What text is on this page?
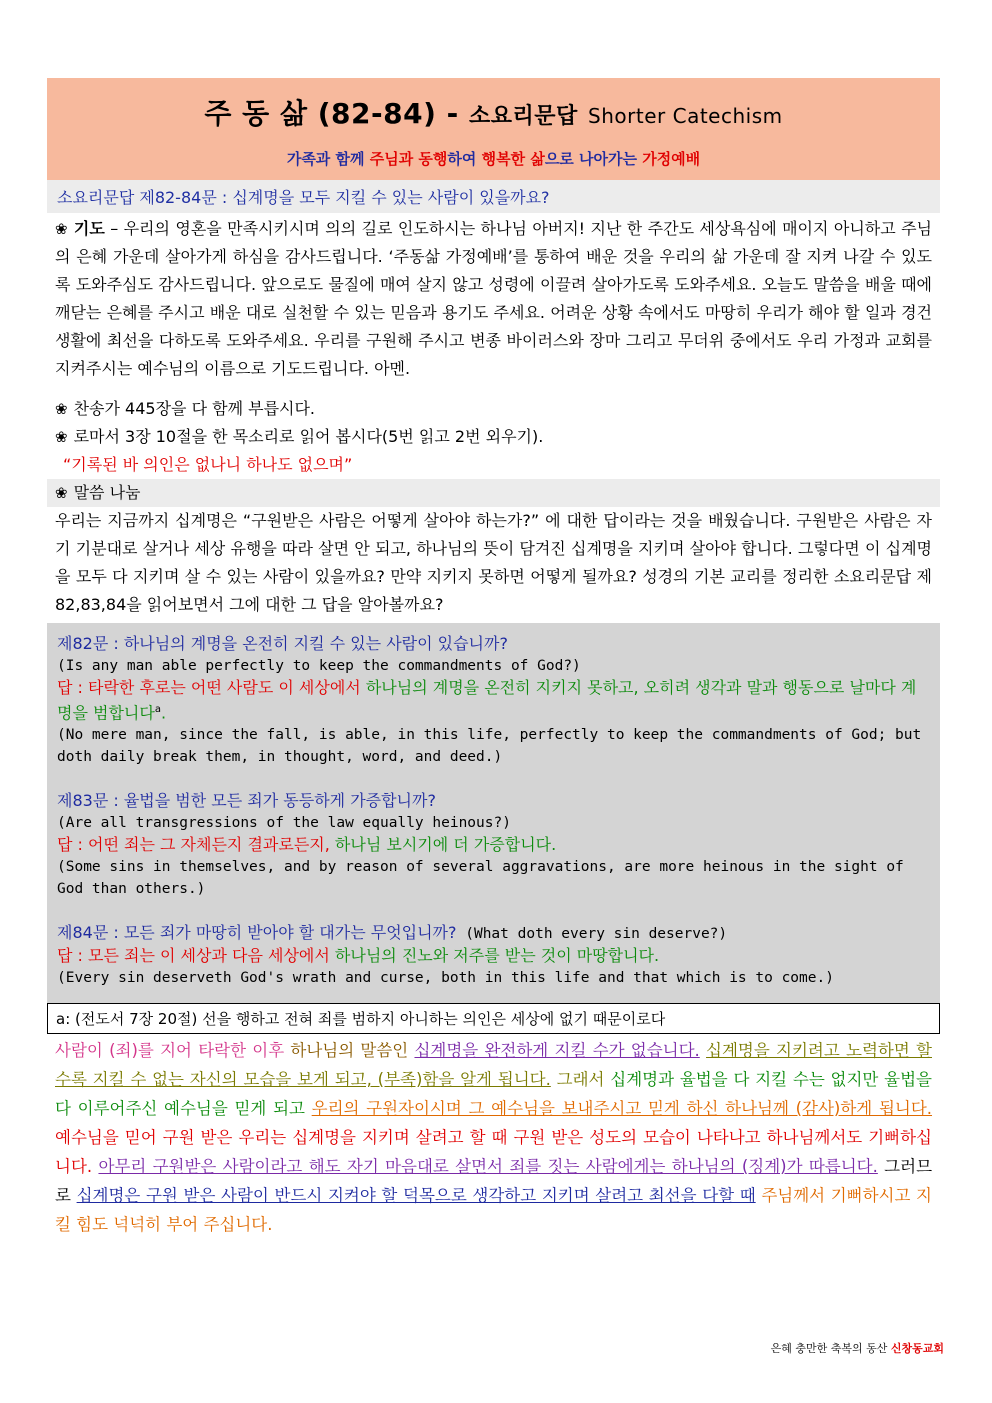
주 동 삶 (82-84) - 소요리문답 Shorter Catechism
가족과 함께 주님과 동행하여 행복한 삶으로 나아가는 가정예배
소요리문답 제82-84문 : 십계명을 모두 지킬 수 있는 사람이 있을까요?
❀ 기도 – 우리의 영혼을 만족시키시며 의의 길로 인도하시는 하나님 아버지! 지난 한 주간도 세상욕심에 매이지 아니하고 주님의 은혜 가운데 살아가게 하심을 감사드립니다. ‘주동삶 가정예배’를 통하여 배운 것을 우리의 삶 가운데 잘 지켜 나갈 수 있도록 도와주심도 감사드립니다. 앞으로도 물질에 매여 살지 않고 성령에 이끌려 살아가도록 도와주세요. 오늘도 말씀을 배울 때에 깨닫는 은혜를 주시고 배운 대로 실천할 수 있는 믿음과 용기도 주세요. 어려운 상황 속에서도 마땅히 우리가 해야 할 일과 경건생활에 최선을 다하도록 도와주세요. 우리를 구원해 주시고 변종 바이러스와 장마 그리고 무더위 중에서도 우리 가정과 교회를 지켜주시는 예수님의 이름으로 기도드립니다. 아멘.
❀ 찬송가 445장을 다 함께 부릅시다.
❀ 로마서 3장 10절을 한 목소리로 읽어 봅시다(5번 읽고 2번 외우기).
“기록된 바 의인은 없나니 하나도 없으며”
❀ 말씀 나눔
우리는 지금까지 십계명은 “구원받은 사람은 어떻게 살아야 하는가?” 에 대한 답이라는 것을 배웠습니다. 구원받은 사람은 자기 기분대로 살거나 세상 유행을 따라 살면 안 되고, 하나님의 뜻이 담겨진 십계명을 지키며 살아야 합니다. 그렇다면 이 십계명을 모두 다 지키며 살 수 있는 사람이 있을까요? 만약 지키지 못하면 어떻게 될까요? 성경의 기본 교리를 정리한 소요리문답 제82,83,84을 읽어보면서 그에 대한 그 답을 알아볼까요?
제82문 : 하나님의 계명을 온전히 지킬 수 있는 사람이 있습니까?
(Is any man able perfectly to keep the commandments of God?)
답 : 타락한 후로는 어떤 사람도 이 세상에서 하나님의 계명을 온전히 지키지 못하고, 오히려 생각과 말과 행동으로 날마다 계명을 범합니다$^a$.
(No mere man, since the fall, is able, in this life, perfectly to keep the commandments of God; but doth daily break them, in thought, word, and deed.)
제83문 : 율법을 범한 모든 죄가 동등하게 가증합니까?
(Are all transgressions of the law equally heinous?)
답 : 어떤 죄는 그 자체든지 결과로든지, 하나님 보시기에 더 가증합니다.
(Some sins in themselves, and by reason of several aggravations, are more heinous in the sight of God than others.)
제84문 : 모든 죄가 마땅히 받아야 할 대가는 무엇입니까? (What doth every sin deserve?)
답 : 모든 죄는 이 세상과 다음 세상에서 하나님의 진노와 저주를 받는 것이 마땅합니다.
(Every sin deserveth God's wrath and curse, both in this life and that which is to come.)
a: (전도서 7장 20절) 선을 행하고 전혀 죄를 범하지 아니하는 의인은 세상에 없기 때문이로다
사람이 (죄)를 지어 타락한 이후 하나님의 말씀인 십계명을 완전하게 지킬 수가 없습니다. 십계명을 지키려고 노력하면 할수록 지킬 수 없는 자신의 모습을 보게 되고, (부족)함을 알게 됩니다. 그래서 십계명과 율법을 다 지킬 수는 없지만 율법을 다 이루어주신 예수님을 믿게 되고 우리의 구원자이시며 그 예수님을 보내주시고 믿게 하신 하나님께 (감사)하게 됩니다. 예수님을 믿어 구원 받은 우리는 십계명을 지키며 살려고 할 때 구원 받은 성도의 모습이 나타나고 하나님께서도 기뻐하십니다. 아무리 구원받은 사람이라고 해도 자기 마음대로 살면서 죄를 짓는 사람에게는 하나님의 (징계)가 따릅니다. 그러므로 십계명은 구원 받은 사람이 반드시 지켜야 할 덕목으로 생각하고 지키며 살려고 최선을 다할 때 주님께서 기뻐하시고 지킬 힘도 넉넉히 부어 주십니다.
은혜 충만한 축복의 동산 신창동교회
